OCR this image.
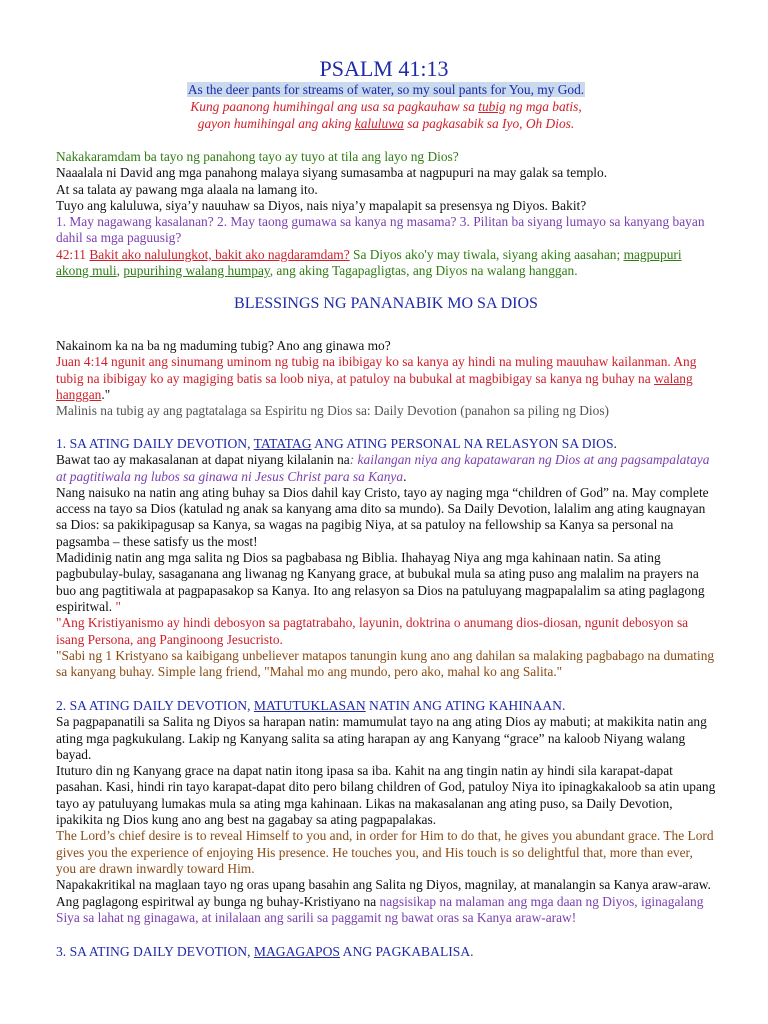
PSALM 41:13
As the deer pants for streams of water, so my soul pants for You, my God.
Kung paanong humihingal ang usa sa pagkauhaw sa tubig ng mga batis,
gayon humihingal ang aking kaluluwa sa pagkasabik sa Iyo, Oh Dios.

Nakakaramdam ba tayo ng panahong tayo ay tuyo at tila ang layo ng Dios?

Naaalala ni David ang mga panahong malaya siyang sumasamba at nagpupuri na may galak sa templo.

At sa talata ay pawang mga alaala na lamang ito.

Tuyo ang kaluluwa, siya’y nauuhaw sa Diyos, nais niya’y mapalapit sa presensya ng Diyos. Bakit?

1. May nagawang kasalanan? 2. May taong gumawa sa kanya ng masama? 3. Pilitan ba siyang lumayo sa kanyang bayan dahil sa mga paguusig?

42:11 Bakit ako nalulungkot, bakit ako nagdaramdam? Sa Diyos ako'y may tiwala, siyang aking aasahan; magpupuri akong muli, pupurihing walang humpay, ang aking Tagapagligtas, ang Diyos na walang hanggan.

BLESSINGS NG PANANABIK MO SA DIOS

Nakainom ka na ba ng maduming tubig? Ano ang ginawa mo?

Juan 4:14 ngunit ang sinumang uminom ng tubig na ibibigay ko sa kanya ay hindi na muling mauuhaw kailanman. Ang tubig na ibibigay ko ay magiging batis sa loob niya, at patuloy na bubukal at magbibigay sa kanya ng buhay na walang hanggan."

Malinis na tubig ay ang pagtatalaga sa Espiritu ng Dios sa: Daily Devotion (panahon sa piling ng Dios)

1. SA ATING DAILY DEVOTION, TATATAG ANG ATING PERSONAL NA RELASYON SA DIOS.

Bawat tao ay makasalanan at dapat niyang kilalanin na: kailangan niya ang kapatawaran ng Dios at ang pagsampalataya at pagtitiwala ng lubos sa ginawa ni Jesus Christ para sa Kanya.

Nang naisuko na natin ang ating buhay sa Dios dahil kay Cristo, tayo ay naging mga “children of God” na. May complete access na tayo sa Dios (katulad ng anak sa kanyang ama dito sa mundo). Sa Daily Devotion, lalalim ang ating kaugnayan sa Dios: sa pakikipagusap sa Kanya, sa wagas na pagibig Niya, at sa patuloy na fellowship sa Kanya sa personal na pagsamba – these satisfy us the most!

Madidinig natin ang mga salita ng Dios sa pagbabasa ng Biblia. Ihahayag Niya ang mga kahinaan natin. Sa ating pagbubulay-bulay, sasaganana ang liwanag ng Kanyang grace, at bubukal mula sa ating puso ang malalim na prayers na buo ang pagtitiwala at pagpapasakop sa Kanya. Ito ang relasyon sa Dios na patuluyang magpapalalim sa ating paglagong espiritwal. "

"Ang Kristiyanismo ay hindi debosyon sa pagtatrabaho, layunin, doktrina o anumang dios-diosan, ngunit debosyon sa isang Persona, ang Panginoong Jesucristo.

"Sabi ng 1 Kristyano sa kaibigang unbeliever matapos tanungin kung ano ang dahilan sa malaking pagbabago na dumating sa kanyang buhay. Simple lang friend, "Mahal mo ang mundo, pero ako, mahal ko ang Salita."

2. SA ATING DAILY DEVOTION, MATUTUKLASAN NATIN ANG ATING KAHINAAN.

Sa pagpapanatili sa Salita ng Diyos sa harapan natin: mamumulat tayo na ang ating Dios ay mabuti; at makikita natin ang ating mga pagkukulang. Lakip ng Kanyang salita sa ating harapan ay ang Kanyang “grace” na kaloob Niyang walang bayad.

Ituturo din ng Kanyang grace na dapat natin itong ipasa sa iba. Kahit na ang tingin natin ay hindi sila karapat-dapat pasahan. Kasi, hindi rin tayo karapat-dapat dito pero bilang children of God, patuloy Niya ito ipinagkakaloob sa atin upang tayo ay patuluyang lumakas mula sa ating mga kahinaan. Likas na makasalanan ang ating puso, sa Daily Devotion, ipakikita ng Dios kung ano ang best na gagabay sa ating pagpapalakas.

The Lord’s chief desire is to reveal Himself to you and, in order for Him to do that, he gives you abundant grace. The Lord gives you the experience of enjoying His presence. He touches you, and His touch is so delightful that, more than ever, you are drawn inwardly toward Him.

Napakakritikal na maglaan tayo ng oras upang basahin ang Salita ng Diyos, magnilay, at manalangin sa Kanya araw-araw. Ang paglagong espiritwal ay bunga ng buhay-Kristiyano na nagsisikap na malaman ang mga daan ng Diyos, iginagalang Siya sa lahat ng ginagawa, at inilalaan ang sarili sa paggamit ng bawat oras sa Kanya araw-araw!

3. SA ATING DAILY DEVOTION, MAGAGAPOS ANG PAGKABALISA.
